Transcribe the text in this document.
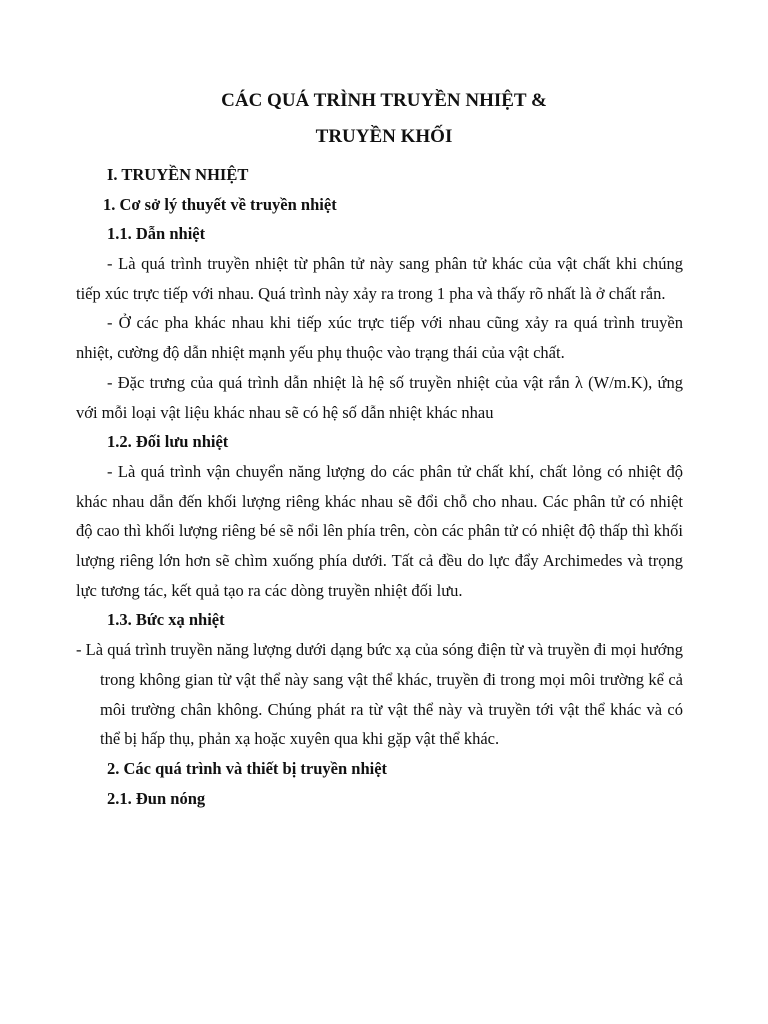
CÁC QUÁ TRÌNH TRUYỀN NHIỆT &
TRUYỀN KHỐI

I. TRUYỀN NHIỆT

1. Cơ sở lý thuyết về truyền nhiệt

1.1. Dẫn nhiệt

- Là quá trình truyền nhiệt từ phân tử này sang phân tử khác của vật chất khi chúng tiếp xúc trực tiếp với nhau. Quá trình này xảy ra trong 1 pha và thấy rõ nhất là ở chất rắn.

- Ở các pha khác nhau khi tiếp xúc trực tiếp với nhau cũng xảy ra quá trình truyền nhiệt, cường độ dẫn nhiệt mạnh yếu phụ thuộc vào trạng thái của vật chất.

- Đặc trưng của quá trình dẫn nhiệt là hệ số truyền nhiệt của vật rắn λ (W/m.K), ứng với mỗi loại vật liệu khác nhau sẽ có hệ số dẫn nhiệt khác nhau

1.2. Đối lưu nhiệt

- Là quá trình vận chuyển năng lượng do các phân tử chất khí, chất lỏng có nhiệt độ khác nhau dẫn đến khối lượng riêng khác nhau sẽ đổi chỗ cho nhau. Các phân tử có nhiệt độ cao thì khối lượng riêng bé sẽ nổi lên phía trên, còn các phân tử có nhiệt độ thấp thì khối lượng riêng lớn hơn sẽ chìm xuống phía dưới. Tất cả đều do lực đẩy Archimedes và trọng lực tương tác, kết quả tạo ra các dòng truyền nhiệt đối lưu.

1.3. Bức xạ nhiệt

- Là quá trình truyền năng lượng dưới dạng bức xạ của sóng điện từ và truyền đi mọi hướng trong không gian từ vật thể này sang vật thể khác, truyền đi trong mọi môi trường kể cả môi trường chân không. Chúng phát ra từ vật thể này và truyền tới vật thể khác và có thể bị hấp thụ, phản xạ hoặc xuyên qua khi gặp vật thể khác.

2. Các quá trình và thiết bị truyền nhiệt

2.1. Đun nóng
